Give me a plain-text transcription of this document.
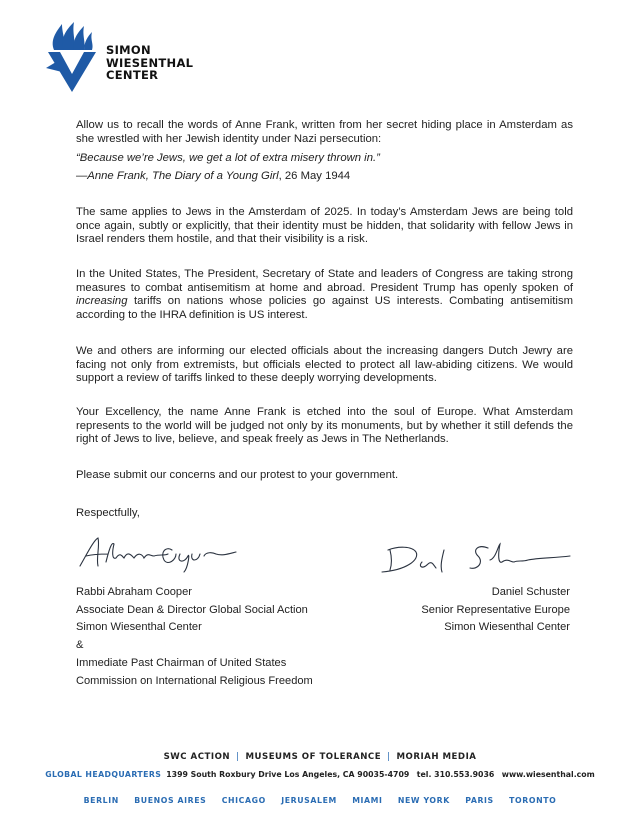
SIMON
WIESENTHAL
CENTER

Allow us to recall the words of Anne Frank, written from her secret hiding place in Amsterdam as she wrestled with her Jewish identity under Nazi persecution:

“Because we’re Jews, we get a lot of extra misery thrown in.”

—Anne Frank, The Diary of a Young Girl, 26 May 1944

The same applies to Jews in the Amsterdam of 2025. In today’s Amsterdam Jews are being told once again, subtly or explicitly, that their identity must be hidden, that solidarity with fellow Jews in Israel renders them hostile, and that their visibility is a risk.

In the United States, The President, Secretary of State and leaders of Congress are taking strong measures to combat antisemitism at home and abroad. President Trump has openly spoken of increasing tariffs on nations whose policies go against US interests. Combating antisemitism according to the IHRA definition is US interest.

We and others are informing our elected officials about the increasing dangers Dutch Jewry are facing not only from extremists, but officials elected to protect all law-abiding citizens. We would support a review of tariffs linked to these deeply worrying developments.

Your Excellency, the name Anne Frank is etched into the soul of Europe. What Amsterdam represents to the world will be judged not only by its monuments, but by whether it still defends the right of Jews to live, believe, and speak freely as Jews in The Netherlands.

Please submit our concerns and our protest to your government.

Respectfully,

Rabbi Abraham Cooper
Associate Dean & Director Global Social Action
Simon Wiesenthal Center
&
Immediate Past Chairman of United States
Commission on International Religious Freedom
Daniel Schuster
Senior Representative Europe
Simon Wiesenthal Center
SWC ACTION | MUSEUMS OF TOLERANCE | MORIAH MEDIA
GLOBAL HEADQUARTERS 1399 South Roxbury Drive Los Angeles, CA 90035-4709 tel. 310.553.9036 www.wiesenthal.com
BERLIN BUENOS AIRES CHICAGO JERUSALEM MIAMI NEW YORK PARIS TORONTO
